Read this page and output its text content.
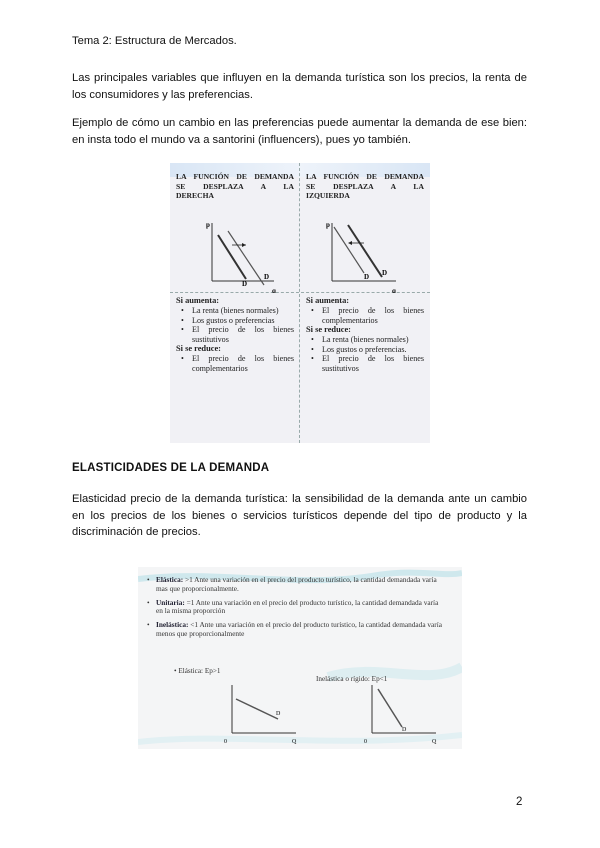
Tema 2: Estructura de Mercados.

Las principales variables que influyen en la demanda turística son los precios, la renta de los consumidores y las preferencias.

Ejemplo de cómo un cambio en las preferencias puede aumentar la demanda de ese bien: en insta todo el mundo va a santorini (influencers), pues yo también.

LA FUNCIÓN DE DEMANDA
SE DESPLAZA A LA
DERECHA
LA FUNCIÓN DE DEMANDA
SE DESPLAZA A LA
IZQUIERDA
p
q
D
D
p
q
D D

Si aumenta:

• La renta (bienes normales)
• Los gustos o preferencias
• El precio de los bienes sustitutivos

Si se reduce:

• El precio de los bienes complementarios

Si aumenta:

• El precio de los bienes complementarios

Si se reduce:

• La renta (bienes normales)
• Los gustos o preferencias.
• El precio de los bienes sustitutivos

ELASTICIDADES DE LA DEMANDA

Elasticidad precio de la demanda turística: la sensibilidad de la demanda ante un cambio en los precios de los bienes o servicios turísticos depende del tipo de producto y la discriminación de precios.

• Elástica: >1 Ante una variación en el precio del producto turístico, la cantidad demandada varía mas que proporcionalmente.
• Unitaria: =1 Ante una variación en el precio del producto turístico, la cantidad demandada varía en la misma proporción
• Inelástica: <1 Ante una variación en el precio del producto turístico, la cantidad demandada varía menos que proporcionalmente
• Elástica: Ep>1
Inelástica o rígido: Ep<1
D
0	Q
D
0	Q

2
